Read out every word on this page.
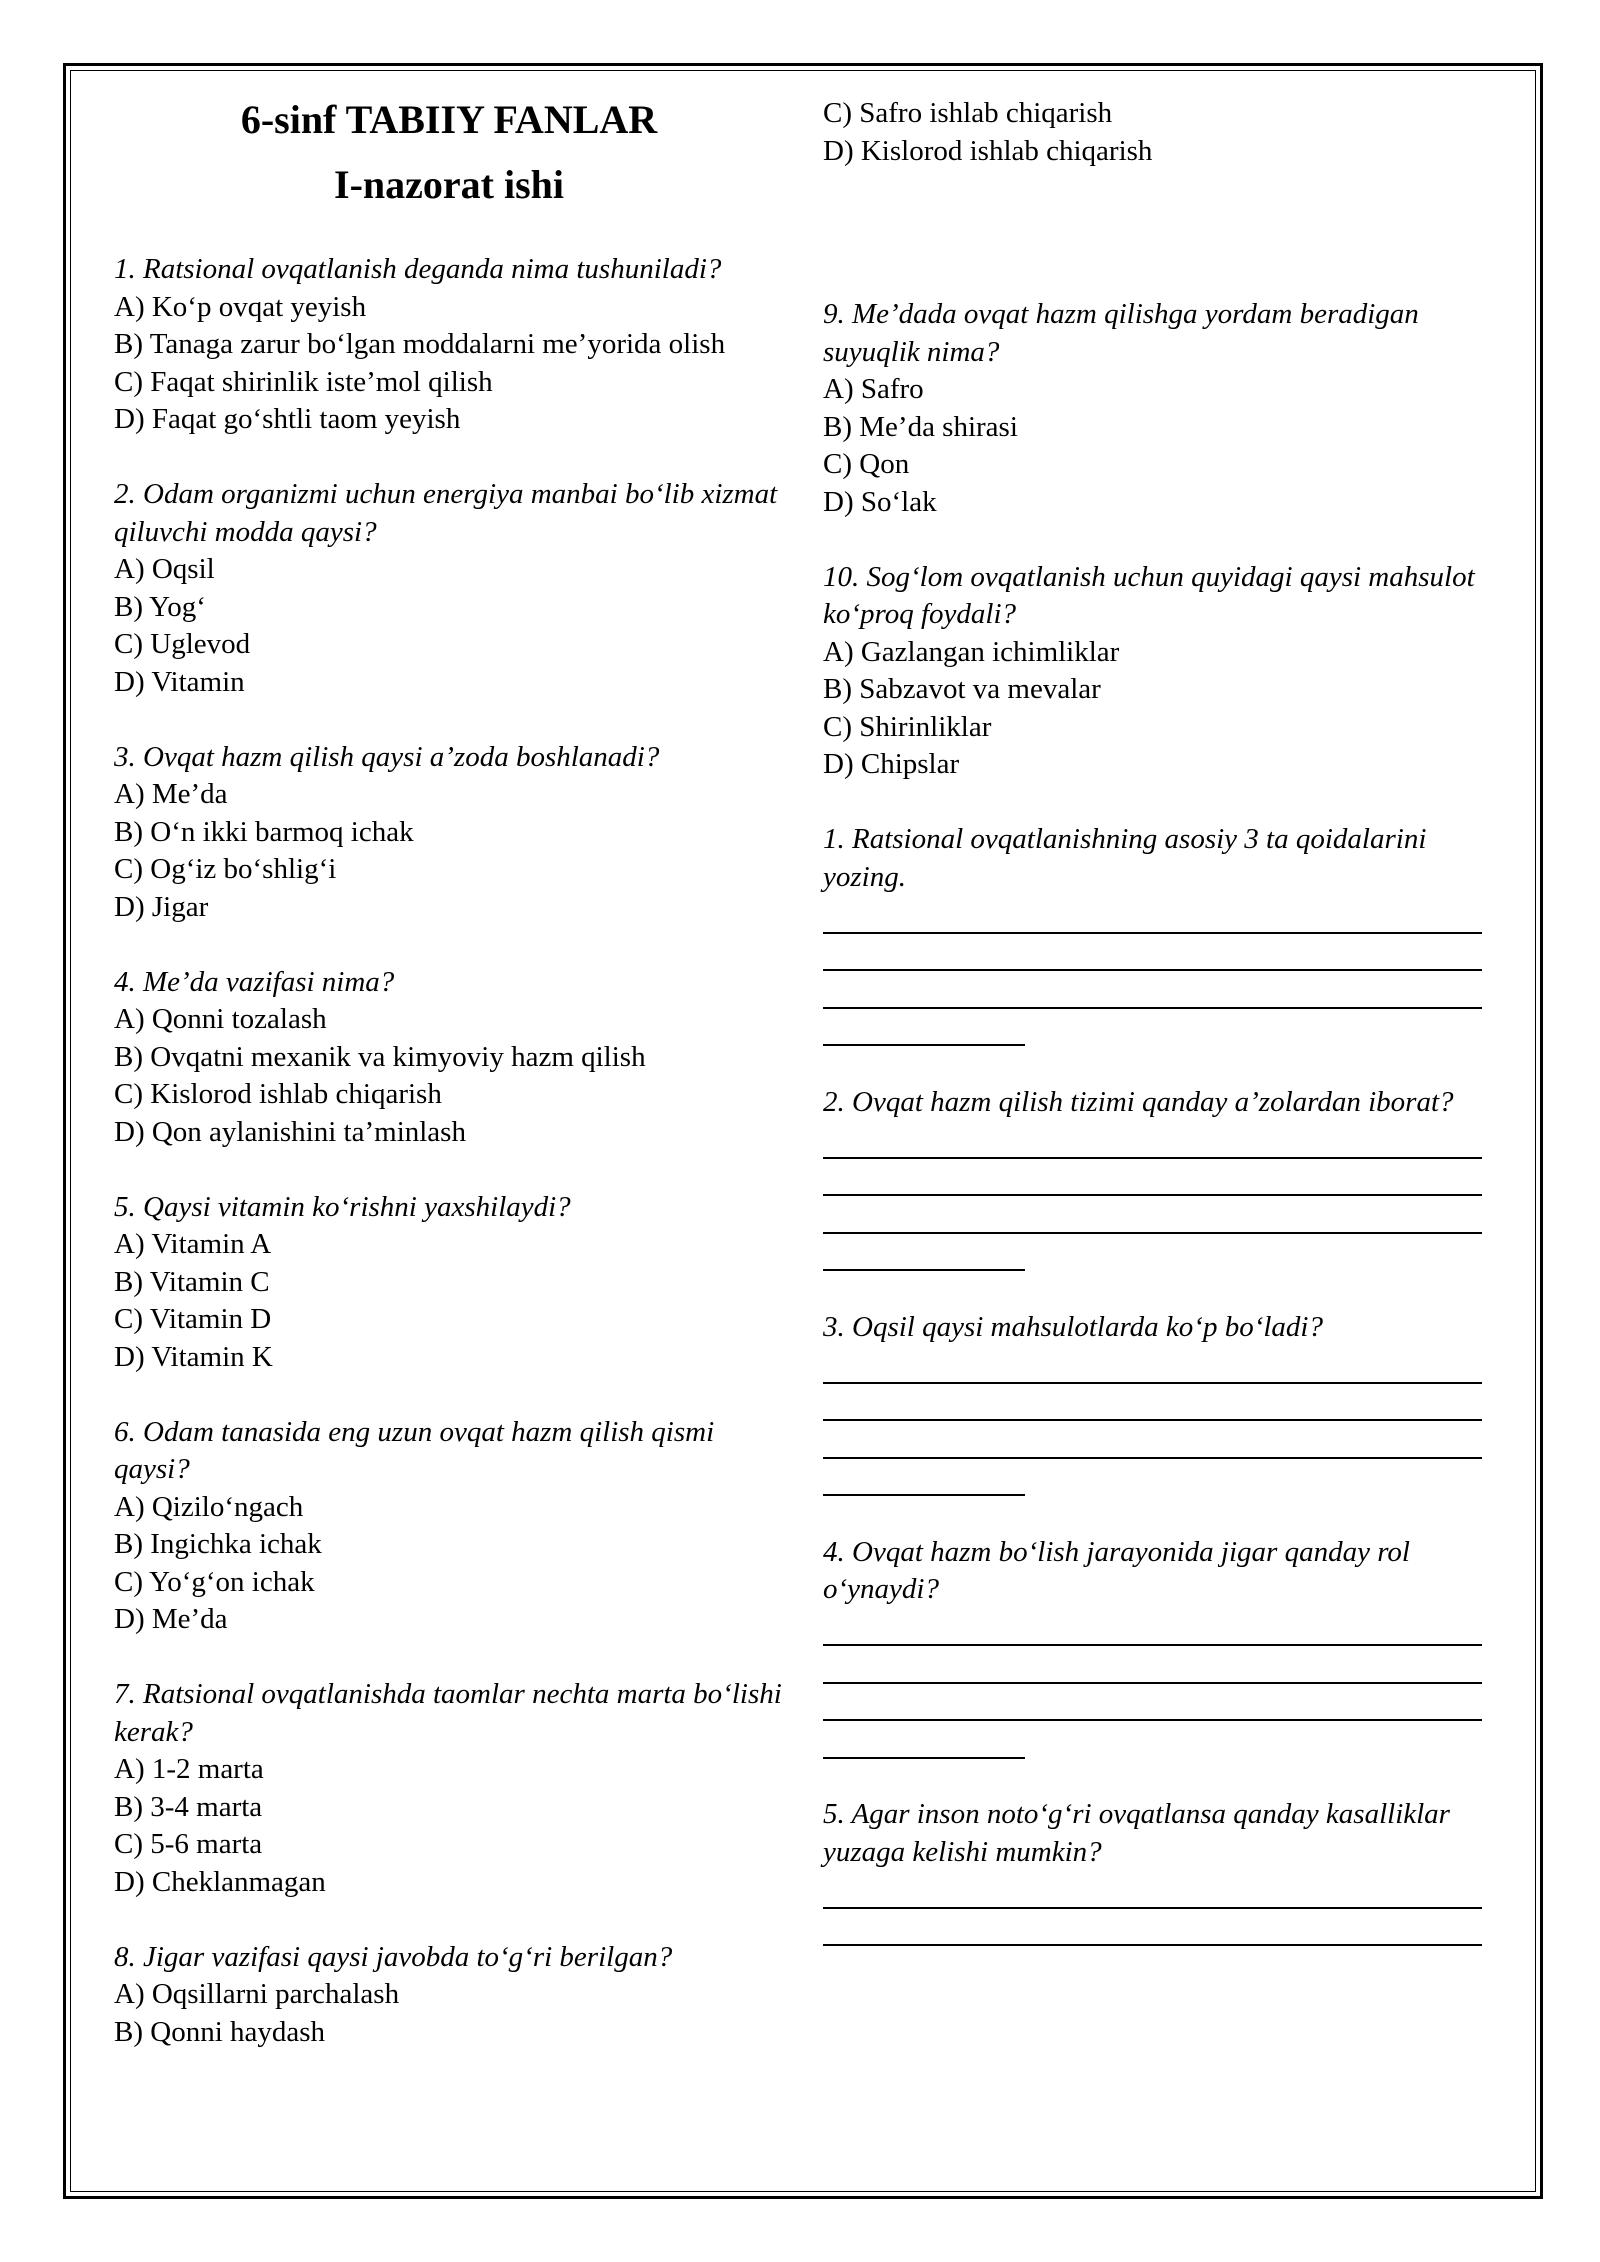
6-sinf TABIIY FANLAR
I-nazorat ishi

1. Ratsional ovqatlanish deganda nima tushuniladi?

A) Ko‘p ovqat yeyish

B) Tanaga zarur bo‘lgan moddalarni me’yorida olish

C) Faqat shirinlik iste’mol qilish

D) Faqat go‘shtli taom yeyish

2. Odam organizmi uchun energiya manbai bo‘lib xizmat qiluvchi modda qaysi?

A) Oqsil

B) Yog‘

C) Uglevod

D) Vitamin

3. Ovqat hazm qilish qaysi a’zoda boshlanadi?

A) Me’da

B) O‘n ikki barmoq ichak

C) Og‘iz bo‘shlig‘i

D) Jigar

4. Me’da vazifasi nima?

A) Qonni tozalash

B) Ovqatni mexanik va kimyoviy hazm qilish

C) Kislorod ishlab chiqarish

D) Qon aylanishini ta’minlash

5. Qaysi vitamin ko‘rishni yaxshilaydi?

A) Vitamin A

B) Vitamin C

C) Vitamin D

D) Vitamin K

6. Odam tanasida eng uzun ovqat hazm qilish qismi qaysi?

A) Qizilo‘ngach

B) Ingichka ichak

C) Yo‘g‘on ichak

D) Me’da

7. Ratsional ovqatlanishda taomlar nechta marta bo‘lishi kerak?

A) 1-2 marta

B) 3-4 marta

C) 5-6 marta

D) Cheklanmagan

8. Jigar vazifasi qaysi javobda to‘g‘ri berilgan?

A) Oqsillarni parchalash

B) Qonni haydash

C) Safro ishlab chiqarish

D) Kislorod ishlab chiqarish

9. Me’dada ovqat hazm qilishga yordam beradigan suyuqlik nima?

A) Safro

B) Me’da shirasi

C) Qon

D) So‘lak

10. Sog‘lom ovqatlanish uchun quyidagi qaysi mahsulot ko‘proq foydali?

A) Gazlangan ichimliklar

B) Sabzavot va mevalar

C) Shirinliklar

D) Chipslar

1. Ratsional ovqatlanishning asosiy 3 ta qoidalarini yozing.

2. Ovqat hazm qilish tizimi qanday a’zolardan iborat?

3. Oqsil qaysi mahsulotlarda ko‘p bo‘ladi?

4. Ovqat hazm bo‘lish jarayonida jigar qanday rol o‘ynaydi?

5. Agar inson noto‘g‘ri ovqatlansa qanday kasalliklar yuzaga kelishi mumkin?
